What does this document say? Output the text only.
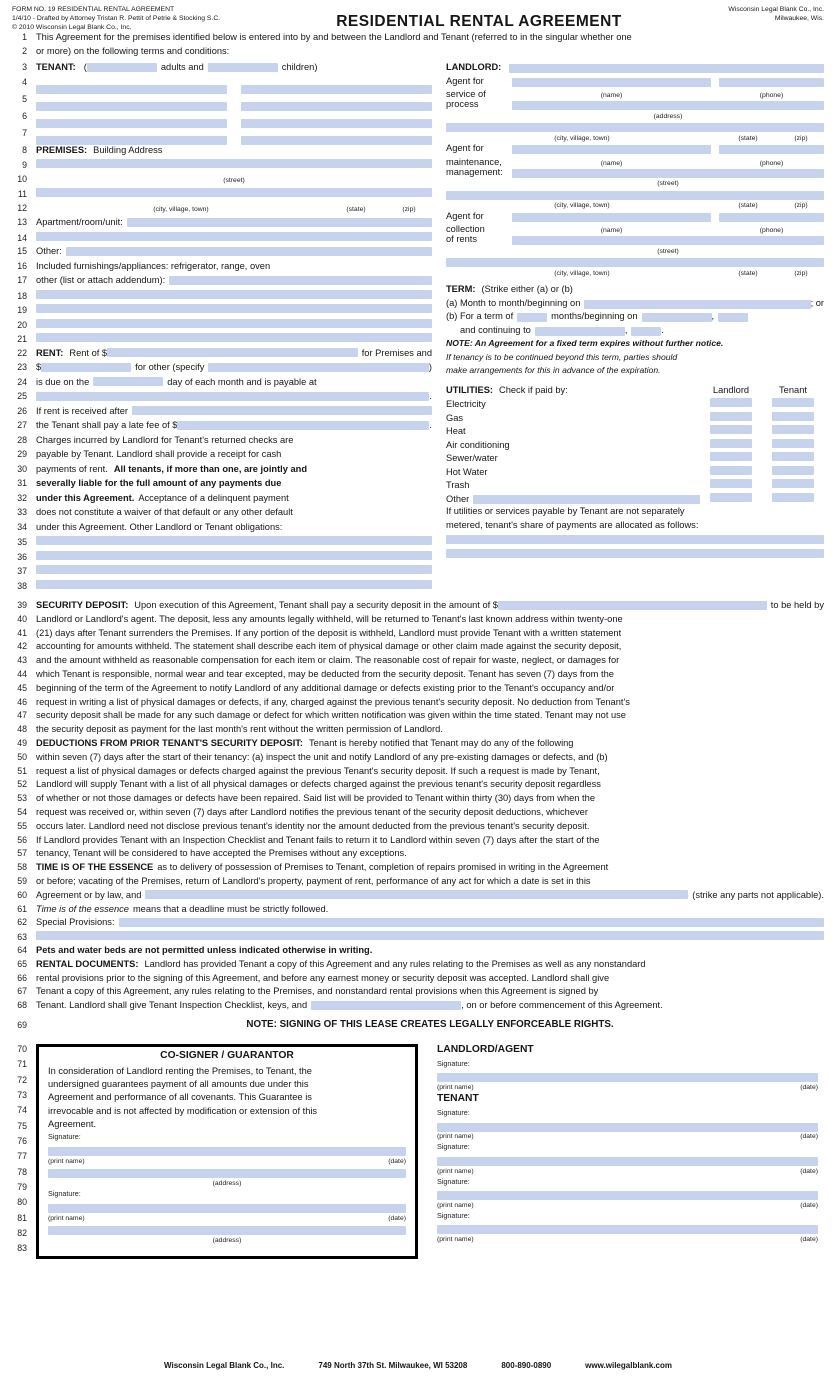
FORM NO. 19 RESIDENTIAL RENTAL AGREEMENT
1/4/10 - Drafted by Attorney Tristan R. Pettit of Petrie & Stocking S.C.
© 2010 Wisconsin Legal Blank Co., Inc.	RESIDENTIAL RENTAL AGREEMENT
Wisconsin Legal Blank Co., Inc.
Milwaukee, Wis.
1 This Agreement for the premises identified below is entered into by and between the Landlord and Tenant (referred to in the singular whether one
2 or more) on the following terms and conditions:
3 TENANT: (	adults and	children)
4
5
6
7
8 PREMISES: Building Address
9
10	(street)
11
12	(city, village, town)	(state)	(zip)
13 Apartment/room/unit:
14
15 Other:
16 Included furnishings/appliances: refrigerator, range, oven
17 other (list or attach addendum):
18
19
20
21
22 RENT: Rent of $	for Premises and
23 $	for other (specify	)
24 is due on the	day of each month and is payable at
25	.
26 If rent is received after
27 the Tenant shall pay a late fee of $	.
28 Charges incurred by Landlord for Tenant's returned checks are
29 payable by Tenant. Landlord shall provide a receipt for cash
30 payments of rent. All tenants, if more than one, are jointly and
31 severally liable for the full amount of any payments due
32 under this Agreement. Acceptance of a delinquent payment
33 does not constitute a waiver of that default or any other default
34 under this Agreement. Other Landlord or Tenant obligations:
35
36
37
38
LANDLORD:
Agent for
service of	(name)	(phone)
process
(address)
(city, village, town)	(state)	(zip)
Agent for
maintenance,	(name)	(phone)
management:
(street)
(city, village, town)	(state)	(zip)
Agent for
collection	(name)	(phone)
of rents
(street)
(city, village, town)	(state)	(zip)
TERM: (Strike either (a) or (b)
(a) Month to month/beginning on	; or
(b) For a term of	months/beginning on	,
and continuing to	,	.
NOTE: An Agreement for a fixed term expires without further notice.
If tenancy is to be continued beyond this term, parties should
make arrangements for this in advance of the expiration.
UTILITIES: Check if paid by:	Landlord	Tenant
Electricity
Gas
Heat
Air conditioning
Sewer/water
Hot Water
Trash
Other
If utilities or services payable by Tenant are not separately
metered, tenant's share of payments are allocated as follows:
39 SECURITY DEPOSIT: Upon execution of this Agreement, Tenant shall pay a security deposit in the amount of $	to be held by
40 Landlord or Landlord's agent. The deposit, less any amounts legally withheld, will be returned to Tenant's last known address within twenty-one
41 (21) days after Tenant surrenders the Premises. If any portion of the deposit is withheld, Landlord must provide Tenant with a written statement
42 accounting for amounts withheld. The statement shall describe each item of physical damage or other claim made against the security deposit,
43 and the amount withheld as reasonable compensation for each item or claim. The reasonable cost of repair for waste, neglect, or damages for
44 which Tenant is responsible, normal wear and tear excepted, may be deducted from the security deposit. Tenant has seven (7) days from the
45 beginning of the term of the Agreement to notify Landlord of any additional damage or defects existing prior to the Tenant's occupancy and/or
46 request in writing a list of physical damages or defects, if any, charged against the previous tenant's security deposit. No deduction from Tenant's
47 security deposit shall be made for any such damage or defect for which written notification was given within the time stated. Tenant may not use
48 the security deposit as payment for the last month's rent without the written permission of Landlord.
49 DEDUCTIONS FROM PRIOR TENANT'S SECURITY DEPOSIT: Tenant is hereby notified that Tenant may do any of the following
50 within seven (7) days after the start of their tenancy: (a) inspect the unit and notify Landlord of any pre-existing damages or defects, and (b)
51 request a list of physical damages or defects charged against the previous Tenant's security deposit. If such a request is made by Tenant,
52 Landlord will supply Tenant with a list of all physical damages or defects charged against the previous tenant's security deposit regardless
53 of whether or not those damages or defects have been repaired. Said list will be provided to Tenant within thirty (30) days from when the
54 request was received or, within seven (7) days after Landlord notifies the previous tenant of the security deposit deductions, whichever
55 occurs later. Landlord need not disclose previous tenant's identity nor the amount deducted from the previous tenant's security deposit.
56 If Landlord provides Tenant with an Inspection Checklist and Tenant fails to return it to Landlord within seven (7) days after the start of the
57 tenancy, Tenant will be considered to have accepted the Premises without any exceptions.
58 TIME IS OF THE ESSENCE as to delivery of possession of Premises to Tenant, completion of repairs promised in writing in the Agreement
59 or before; vacating of the Premises, return of Landlord's property, payment of rent, performance of any act for which a date is set in this
60 Agreement or by law, and	(strike any parts not applicable).
61 Time is of the essence means that a deadline must be strictly followed.
62 Special Provisions:
63
64 Pets and water beds are not permitted unless indicated otherwise in writing.
65 RENTAL DOCUMENTS: Landlord has provided Tenant a copy of this Agreement and any rules relating to the Premises as well as any nonstandard
66 rental provisions prior to the signing of this Agreement, and before any earnest money or security deposit was accepted. Landlord shall give
67 Tenant a copy of this Agreement, any rules relating to the Premises, and nonstandard rental provisions when this Agreement is signed by
68 Tenant. Landlord shall give Tenant Inspection Checklist, keys, and	, on or before commencement of this Agreement.
69	NOTE: SIGNING OF THIS LEASE CREATES LEGALLY ENFORCEABLE RIGHTS.
70
71
72
73
74
75
76
77
78
79
80
81
82
83
CO-SIGNER / GUARANTOR
In consideration of Landlord renting the Premises, to Tenant, the
undersigned guarantees payment of all amounts due under this
Agreement and performance of all covenants. This Guarantee is
irrevocable and is not affected by modification or extension of this
Agreement.
Signature:
(print name)	(date)
(address)
Signature:
(print name)	(date)
(address)
LANDLORD/AGENT
Signature:
(print name)	(date)
TENANT
Signature:
(print name)	(date)
Signature:
(print name)	(date)
Signature:
(print name)	(date)
Signature:
(print name)	(date)
Wisconsin Legal Blank Co., Inc.	749 North 37th St. Milwaukee, WI 53208	800-890-0890	www.wilegalblank.com
